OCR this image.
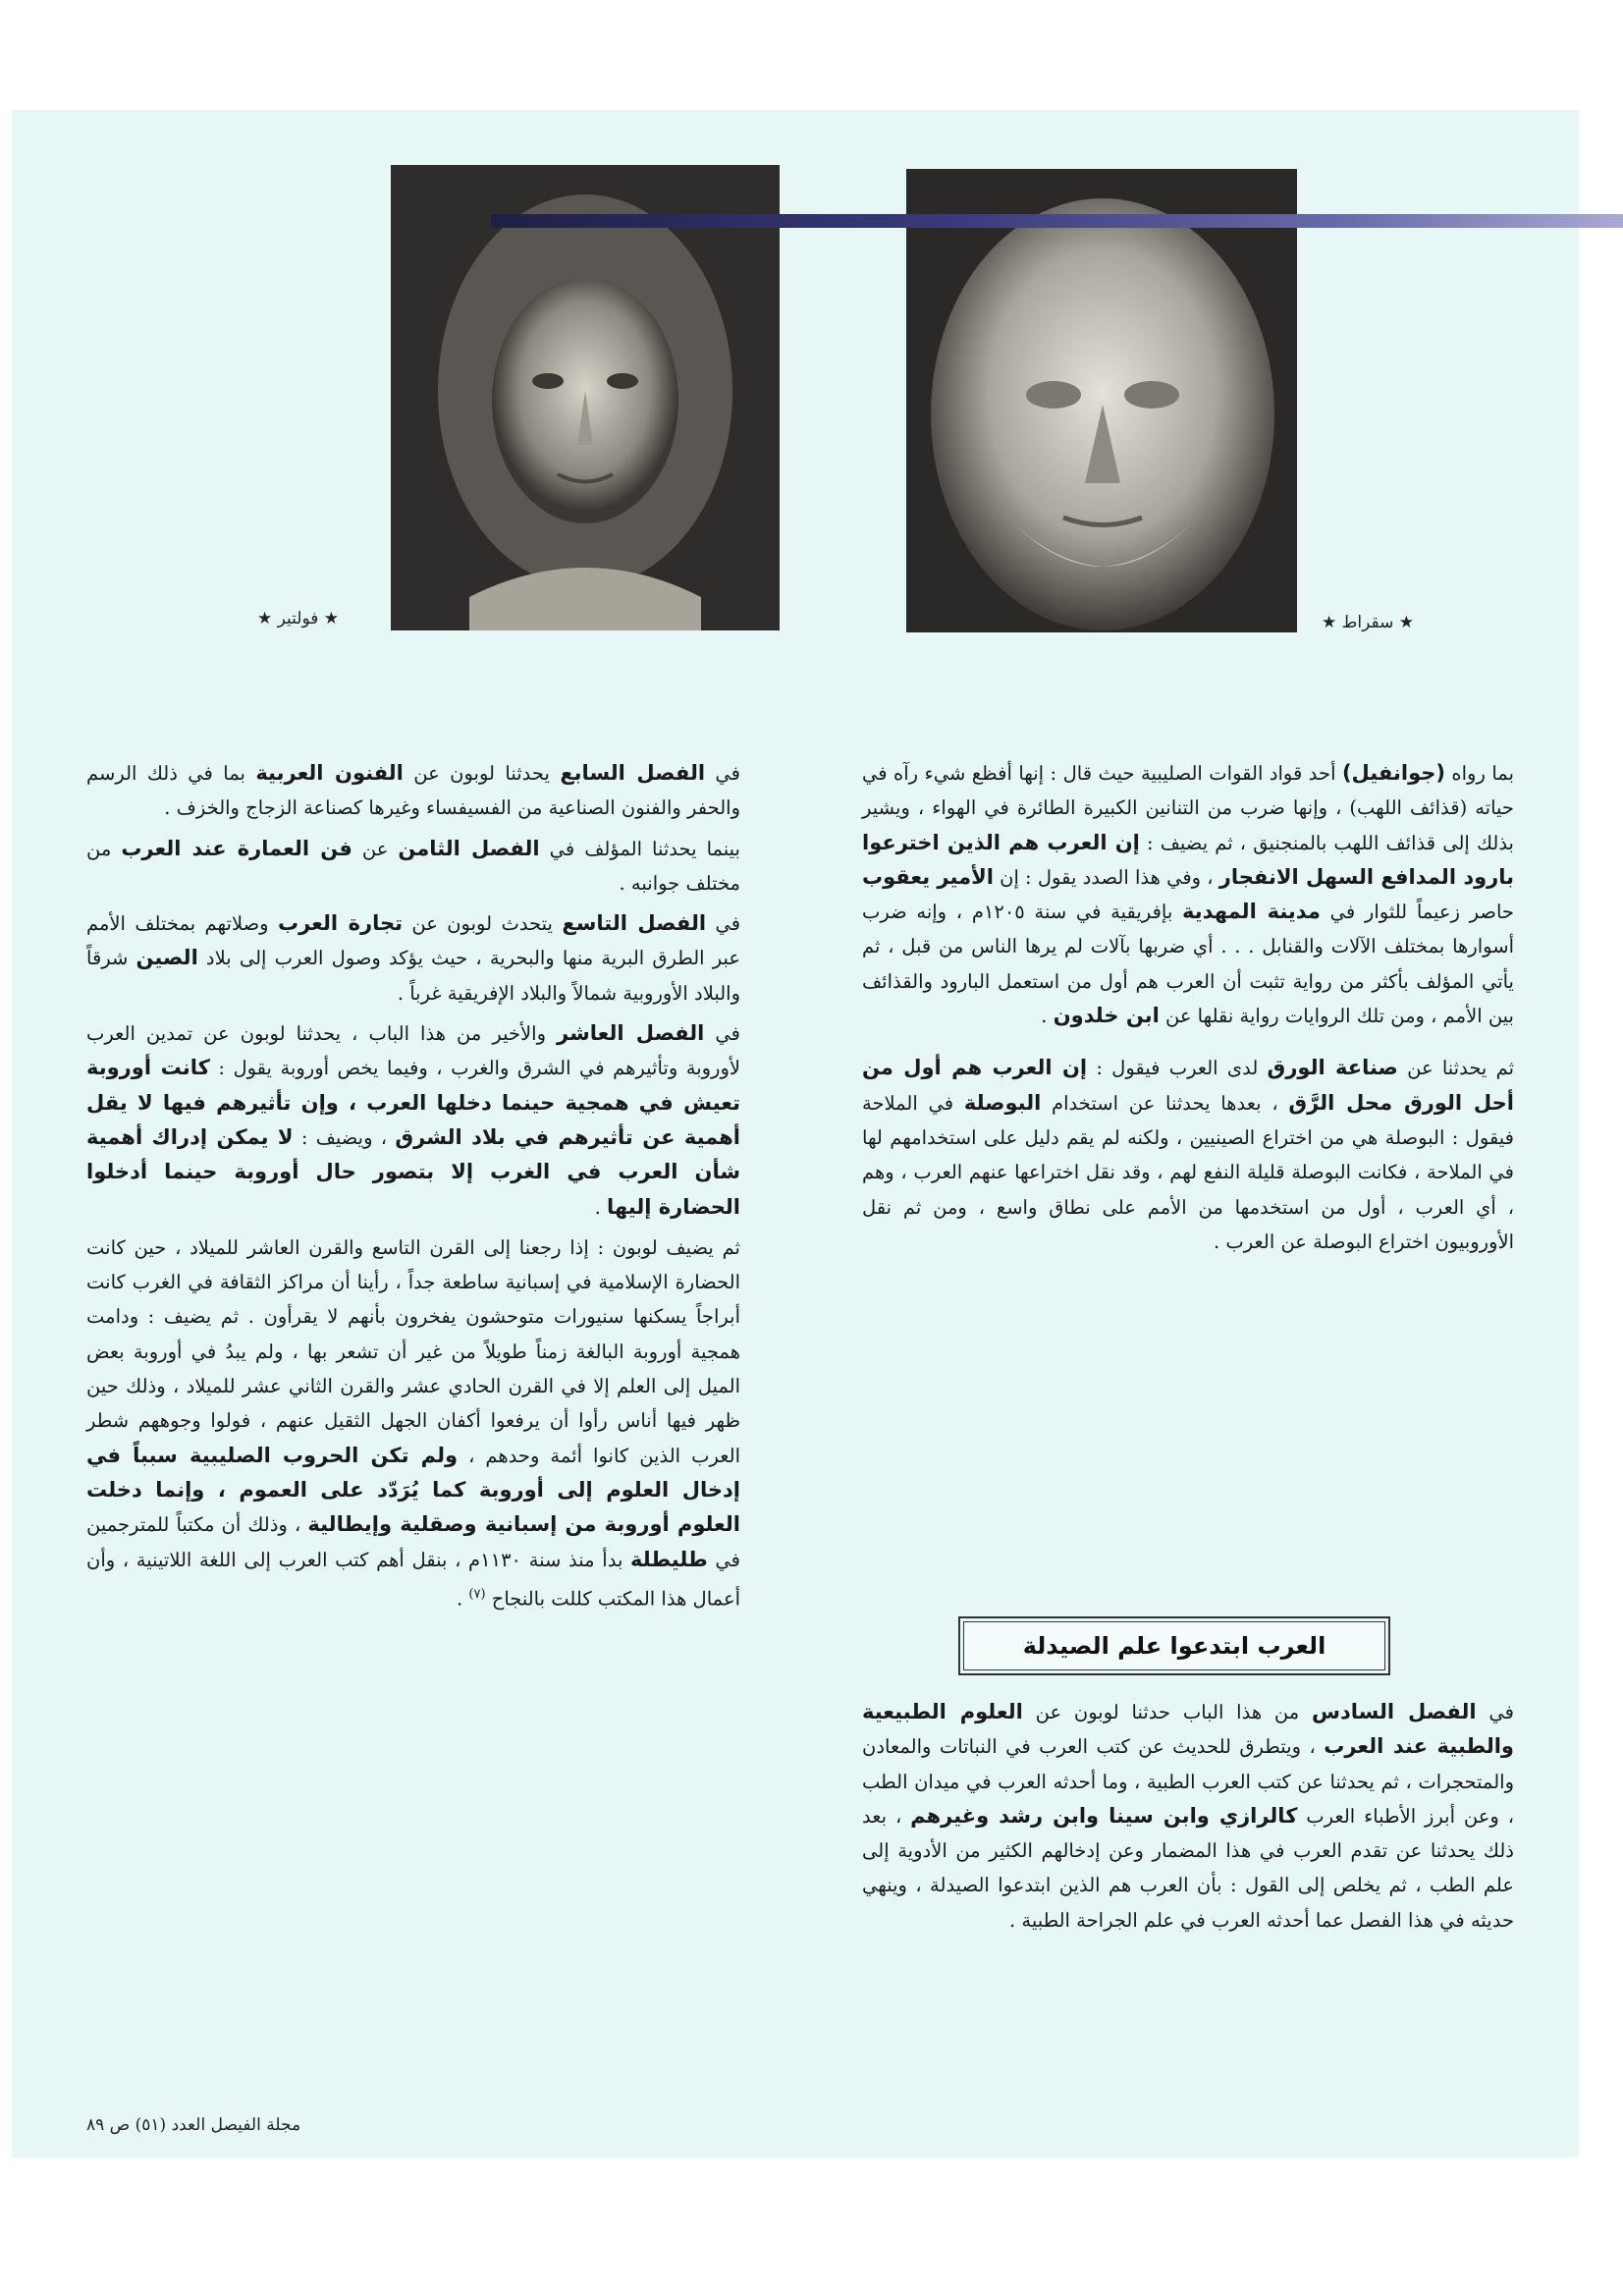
★ فولتير ★	★ سقراط ★

بما رواه (جوانفيل) أحد قواد القوات الصليبية حيث قال : إنها أفظع شيء رآه في حياته (قذائف اللهب) ، وإنها ضرب من التنانين الكبيرة الطائرة في الهواء ، ويشير بذلك إلى قذائف اللهب بالمنجنيق ، ثم يضيف : إن العرب هم الذين اخترعوا بارود المدافع السهل الانفجار ، وفي هذا الصدد يقول : إن الأمير يعقوب حاصر زعيماً للثوار في مدينة المهدية بإفريقية في سنة ١٢٠٥م ، وإنه ضرب أسوارها بمختلف الآلات والقنابل . . . أي ضربها بآلات لم يرها الناس من قبل ، ثم يأتي المؤلف بأكثر من رواية تثبت أن العرب هم أول من استعمل البارود والقذائف بين الأمم ، ومن تلك الروايات رواية نقلها عن ابن خلدون .

ثم يحدثنا عن صناعة الورق لدى العرب فيقول : إن العرب هم أول من أحل الورق محل الرَّق ، بعدها يحدثنا عن استخدام البوصلة في الملاحة فيقول : البوصلة هي من اختراع الصينيين ، ولكنه لم يقم دليل على استخدامهم لها في الملاحة ، فكانت البوصلة قليلة النفع لهم ، وقد نقل اختراعها عنهم العرب ، وهم ، أي العرب ، أول من استخدمها من الأمم على نطاق واسع ، ومن ثم نقل الأوروبيون اختراع البوصلة عن العرب .

العرب ابتدعوا علم الصيدلة

في الفصل السادس من هذا الباب حدثنا لوبون عن العلوم الطبيعية والطبية عند العرب ، ويتطرق للحديث عن كتب العرب في النباتات والمعادن والمتحجرات ، ثم يحدثنا عن كتب العرب الطبية ، وما أحدثه العرب في ميدان الطب ، وعن أبرز الأطباء العرب كالرازي وابن سينا وابن رشد وغيرهم ، بعد ذلك يحدثنا عن تقدم العرب في هذا المضمار وعن إدخالهم الكثير من الأدوية إلى علم الطب ، ثم يخلص إلى القول : بأن العرب هم الذين ابتدعوا الصيدلة ، وينهي حديثه في هذا الفصل عما أحدثه العرب في علم الجراحة الطبية .

في الفصل السابع يحدثنا لوبون عن الفنون العربية بما في ذلك الرسم والحفر والفنون الصناعية من الفسيفساء وغيرها كصناعة الزجاج والخزف .

بينما يحدثنا المؤلف في الفصل الثامن عن فن العمارة عند العرب من مختلف جوانبه .

في الفصل التاسع يتحدث لوبون عن تجارة العرب وصلاتهم بمختلف الأمم عبر الطرق البرية منها والبحرية ، حيث يؤكد وصول العرب إلى بلاد الصين شرقاً والبلاد الأوروبية شمالاً والبلاد الإفريقية غرباً .

في الفصل العاشر والأخير من هذا الباب ، يحدثنا لوبون عن تمدين العرب لأوروبة وتأثيرهم في الشرق والغرب ، وفيما يخص أوروبة يقول : كانت أوروبة تعيش في همجية حينما دخلها العرب ، وإن تأثيرهم فيها لا يقل أهمية عن تأثيرهم في بلاد الشرق ، ويضيف : لا يمكن إدراك أهمية شأن العرب في الغرب إلا بتصور حال أوروبة حينما أدخلوا الحضارة إليها .

ثم يضيف لوبون : إذا رجعنا إلى القرن التاسع والقرن العاشر للميلاد ، حين كانت الحضارة الإسلامية في إسبانية ساطعة جداً ، رأينا أن مراكز الثقافة في الغرب كانت أبراجاً يسكنها سنيورات متوحشون يفخرون بأنهم لا يقرأون . ثم يضيف : ودامت همجية أوروبة البالغة زمناً طويلاً من غير أن تشعر بها ، ولم يبدُ في أوروبة بعض الميل إلى العلم إلا في القرن الحادي عشر والقرن الثاني عشر للميلاد ، وذلك حين ظهر فيها أناس رأوا أن يرفعوا أكفان الجهل الثقيل عنهم ، فولوا وجوههم شطر العرب الذين كانوا أئمة وحدهم ، ولم تكن الحروب الصليبية سبباً في إدخال العلوم إلى أوروبة كما يُرَدّد على العموم ، وإنما دخلت العلوم أوروبة من إسبانية وصقلية وإيطالية ، وذلك أن مكتباً للمترجمين في طليطلة بدأ منذ سنة ١١٣٠م ، بنقل أهم كتب العرب إلى اللغة اللاتينية ، وأن أعمال هذا المكتب كللت بالنجاح $^{(٧)}$ .

مجلة الفيصل العدد (٥١) ص ٨٩
